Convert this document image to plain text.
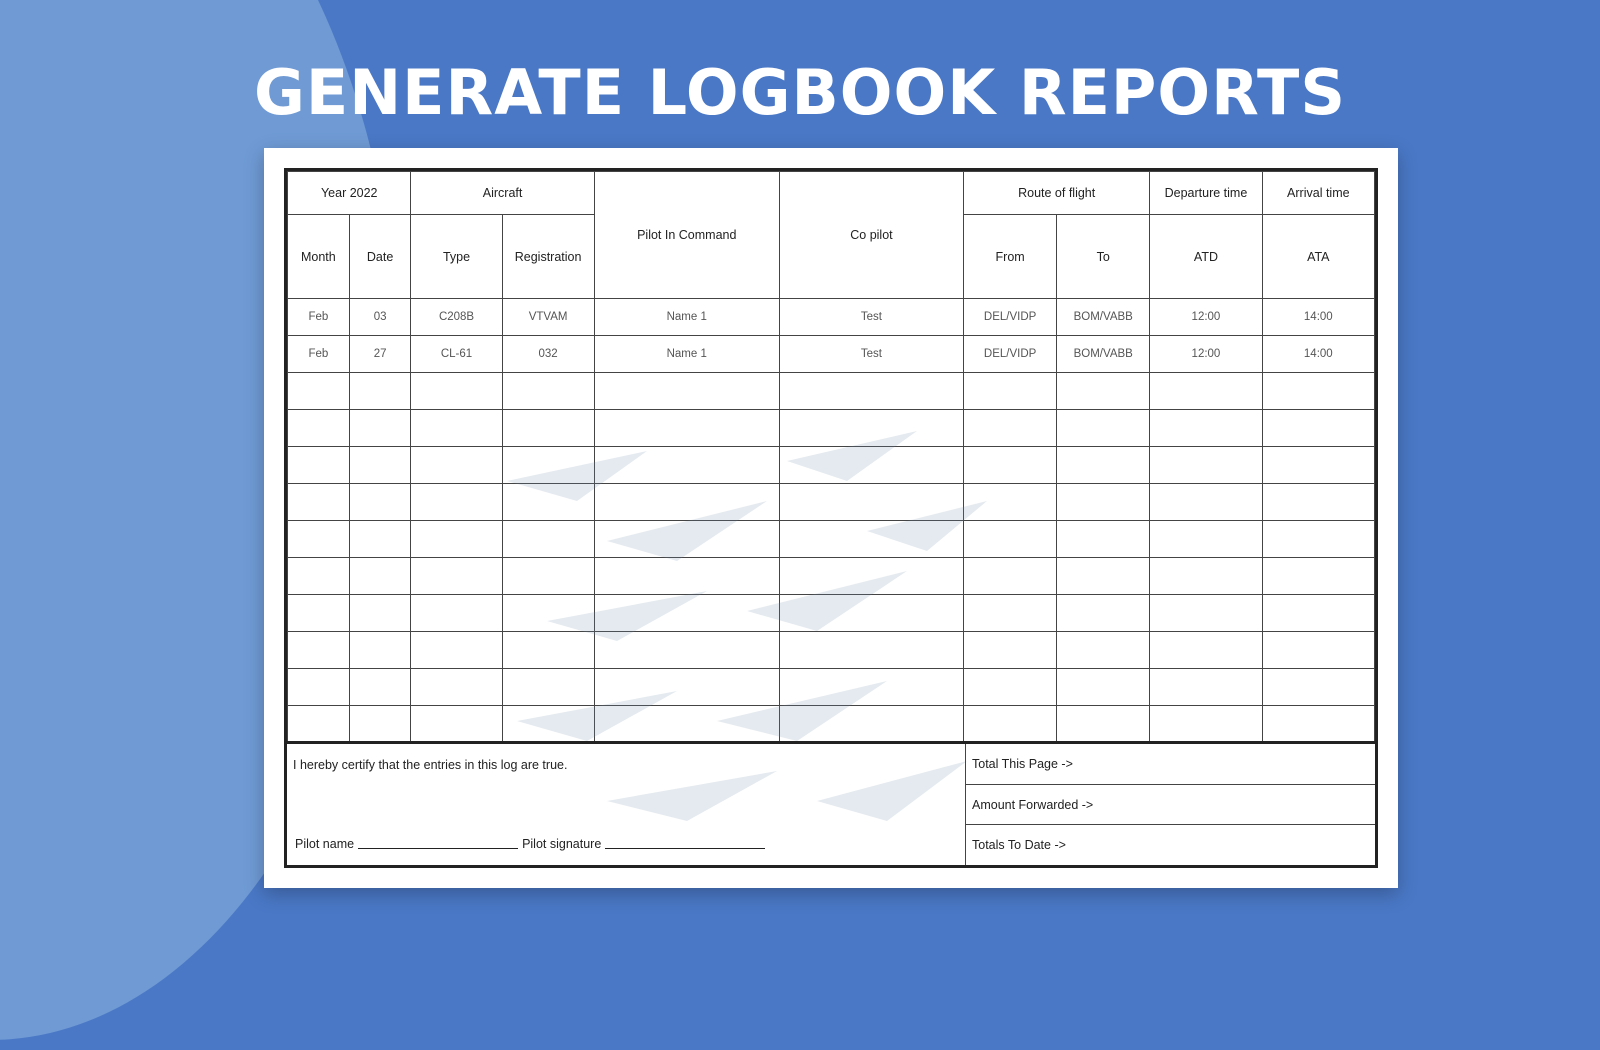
GENERATE LOGBOOK REPORTS
Year 2022		Aircraft		Pilot In Command	Co pilot	Route of flight		Departure time	Arrival time
Month	Date	Type	Registration			From	To	ATD	ATA
Feb	03	C208B	VTVAM	Name 1	Test	DEL/VIDP	BOM/VABB	12:00	14:00
Feb	27	CL-61	032	Name 1	Test	DEL/VIDP	BOM/VABB	12:00	14:00

I hereby certify that the entries in this log are true.
Pilot name	Pilot signature
Total This Page ->
Amount Forwarded ->
Totals To Date ->
